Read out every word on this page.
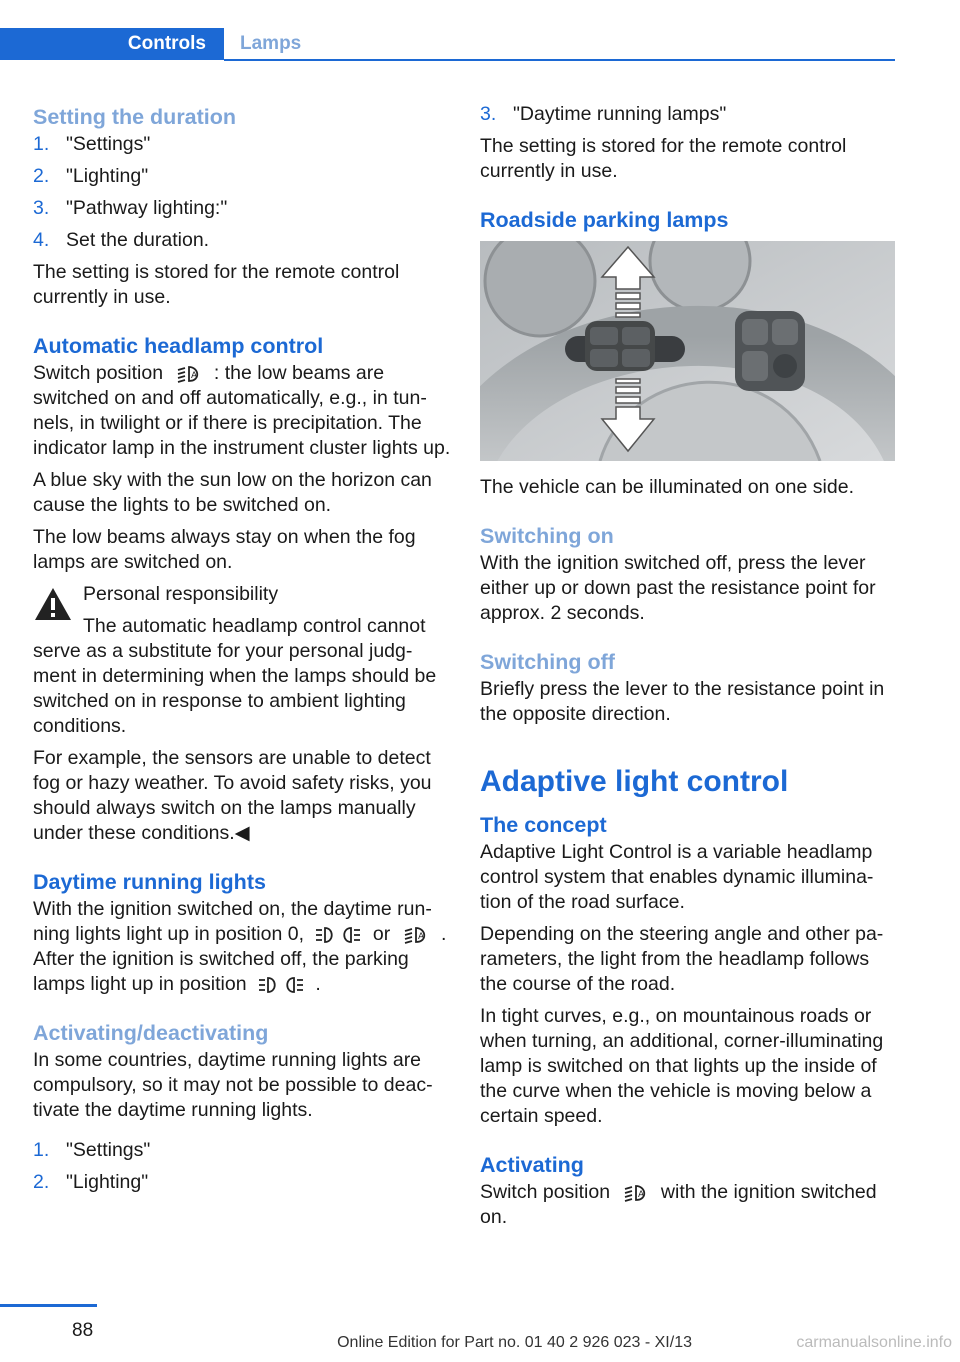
Controls	Lamps
Setting the duration
1. "Settings"
2. "Lighting"
3. "Pathway lighting:"
4. Set the duration.

The setting is stored for the remote control currently in use.

Automatic headlamp control

Switch position	A : the low beams are switched on and off automatically, e.g., in tun‐nels, in twilight or if there is precipitation. The indicator lamp in the instrument cluster lights up.

A blue sky with the sun low on the horizon can cause the lights to be switched on.

The low beams always stay on when the fog lamps are switched on.

Personal responsibility

The automatic headlamp control cannot

serve as a substitute for your personal judg‐ment in determining when the lamps should be switched on in response to ambient lighting conditions.

For example, the sensors are unable to detect fog or hazy weather. To avoid safety risks, you should always switch on the lamps manually under these conditions.◀

Daytime running lights

With the ignition switched on, the daytime run‐ning lights light up in position 0,	or	A . After the ignition is switched off, the parking lamps light up in position	.

Activating/deactivating

In some countries, daytime running lights are compulsory, so it may not be possible to deac‐tivate the daytime running lights.

1. "Settings"
2. "Lighting"
3. "Daytime running lamps"

The setting is stored for the remote control currently in use.

Roadside parking lamps

The vehicle can be illuminated on one side.

Switching on

With the ignition switched off, press the lever either up or down past the resistance point for approx. 2 seconds.

Switching off

Briefly press the lever to the resistance point in the opposite direction.

Adaptive light control
The concept

Adaptive Light Control is a variable headlamp control system that enables dynamic illumina‐tion of the road surface.

Depending on the steering angle and other pa‐rameters, the light from the headlamp follows the course of the road.

In tight curves, e.g., on mountainous roads or when turning, an additional, corner-illuminating lamp is switched on that lights up the inside of the curve when the vehicle is moving below a certain speed.

Activating

Switch position	A with the ignition switched on.

88
Online Edition for Part no. 01 40 2 926 023 - XI/13	carmanualsonline.info
